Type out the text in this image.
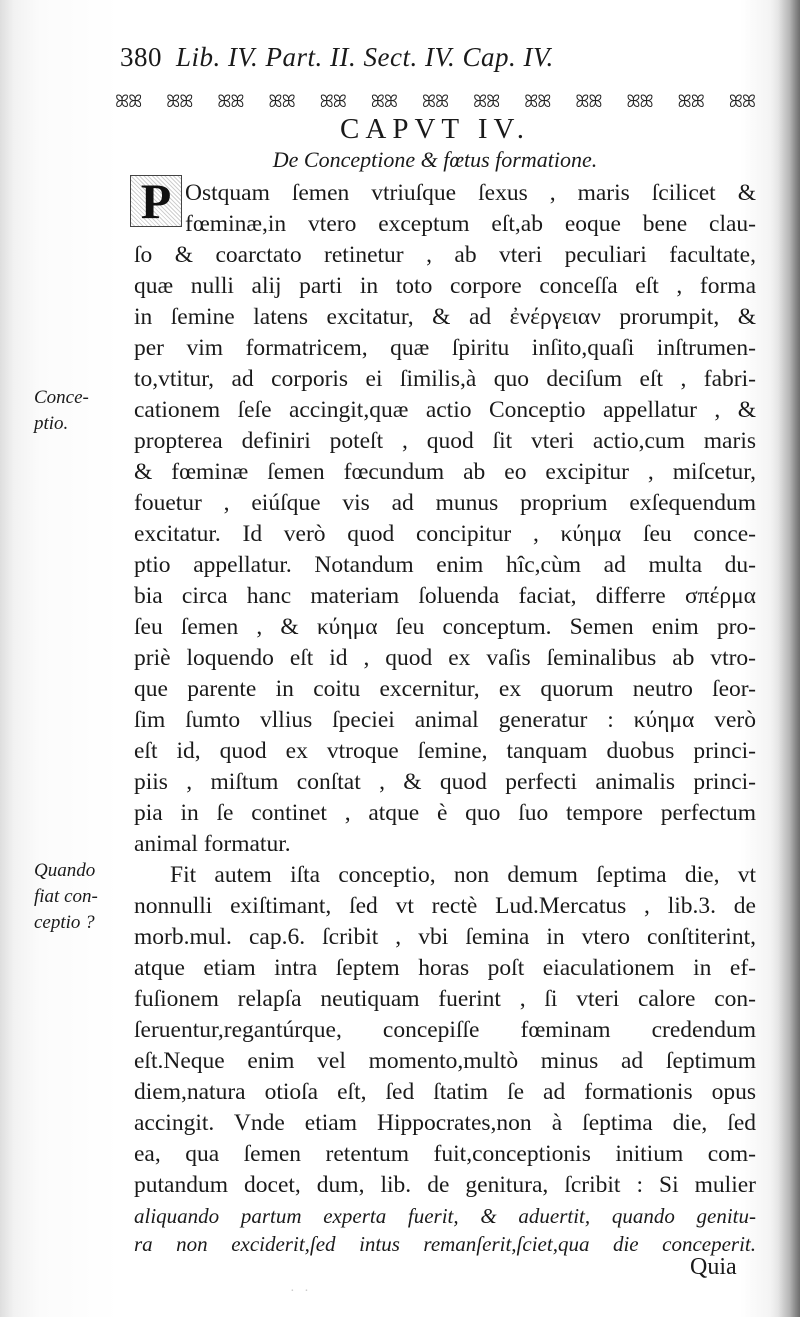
380 Lib. IV. Part. II. Sect. IV. Cap. IV.
ꕤꕤ ꕤꕤ ꕤꕤ ꕤꕤ ꕤꕤ ꕤꕤ ꕤꕤ ꕤꕤ ꕤꕤ ꕤꕤ ꕤꕤ ꕤꕤ ꕤꕤ
CAPVT IV.
De Conceptione & fœtus formatione.
P Ostquam ſemen vtriuſque ſexus , maris ſcilicet &
fœminæ,in vtero exceptum eſt,ab eoque bene clau-
ſo & coarctato retinetur , ab vteri peculiari facultate,
quæ nulli alij parti in toto corpore conceſſa eſt , forma
in ſemine latens excitatur, & ad ἐνέργειαν prorumpit, &
per vim formatricem, quæ ſpiritu inſito,quaſi inſtrumen-
to,vtitur, ad corporis ei ſimilis,à quo deciſum eſt , fabri-
cationem ſeſe accingit,quæ actio Conceptio appellatur , &
propterea definiri poteſt , quod ſit vteri actio,cum maris
& fœminæ ſemen fœcundum ab eo excipitur , miſcetur,
fouetur , eiúſque vis ad munus proprium exſequendum
excitatur. Id verò quod concipitur , κύημα ſeu conce-
ptio appellatur. Notandum enim hîc,cùm ad multa du-
bia circa hanc materiam ſoluenda faciat, differre σπέρμα
ſeu ſemen , & κύημα ſeu conceptum. Semen enim pro-
priè loquendo eſt id , quod ex vaſis ſeminalibus ab vtro-
que parente in coitu excernitur, ex quorum neutro ſeor-
ſim ſumto vllius ſpeciei animal generatur : κύημα verò
eſt id, quod ex vtroque ſemine, tanquam duobus princi-
piis , miſtum conſtat , & quod perfecti animalis princi-
pia in ſe continet , atque è quo ſuo tempore perfectum
animal formatur.
Fit autem iſta conceptio, non demum ſeptima die, vt
nonnulli exiſtimant, ſed vt rectè Lud.Mercatus , lib.3. de
morb.mul. cap.6. ſcribit , vbi ſemina in vtero conſtiterint,
atque etiam intra ſeptem horas poſt eiaculationem in ef-
fuſionem relapſa neutiquam fuerint , ſi vteri calore con-
ſeruentur,regantúrque, concepiſſe fœminam credendum
eſt.Neque enim vel momento,multò minus ad ſeptimum
diem,natura otioſa eſt, ſed ſtatim ſe ad formationis opus
accingit. Vnde etiam Hippocrates,non à ſeptima die, ſed
ea, qua ſemen retentum fuit,conceptionis initium com-
putandum docet, dum, lib. de genitura, ſcribit : Si mulier
aliquando partum experta fuerit, & aduertit, quando genitu-
ra non exciderit,ſed intus remanſerit,ſciet,qua die conceperit.
Conce-
ptio.
Quando
fiat con-
ceptio ?
Quia
· ·
